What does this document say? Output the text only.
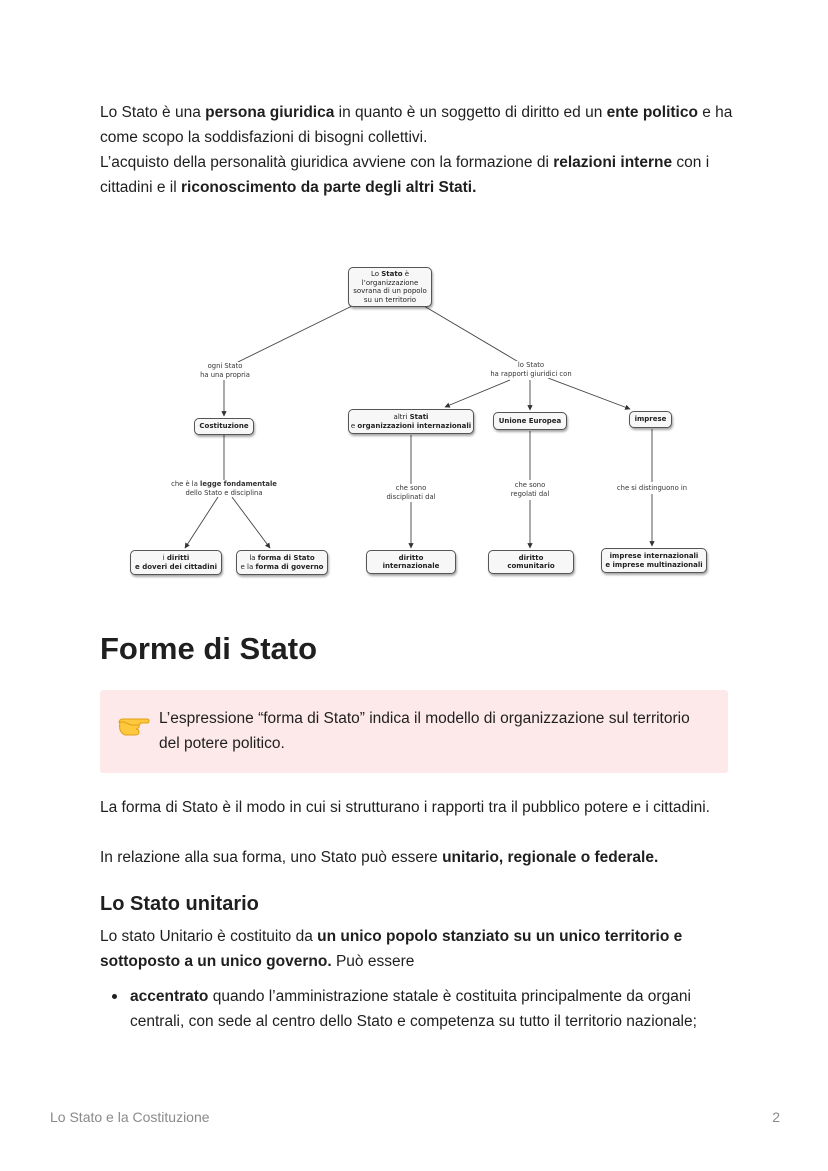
Lo Stato è una persona giuridica in quanto è un soggetto di diritto ed un ente politico e ha come scopo la soddisfazioni di bisogni collettivi.

L’acquisto della personalità giuridica avviene con la formazione di relazioni interne con i cittadini e il riconoscimento da parte degli altri Stati.

Lo Stato è
l’organizzazione
sovrana di un popolo
su un territorio
ogni Stato
ha una propria
lo Stato
ha rapporti giuridici con
Costituzione
altri Stati
e organizzazioni internazionali
Unione Europea	imprese
che è la legge fondamentale
dello Stato e disciplina
che sono
disciplinati dal
che sono
regolati dal
che si distinguono in
i diritti
e doveri dei cittadini
la forma di Stato
e la forma di governo
diritto
internazionale
diritto
comunitario
imprese internazionali
e imprese multinazionali
Forme di Stato
L’espressione “forma di Stato” indica il modello di organizzazione sul territorio del potere politico.

La forma di Stato è il modo in cui si strutturano i rapporti tra il pubblico potere e i cittadini.

In relazione alla sua forma, uno Stato può essere unitario, regionale o federale.

Lo Stato unitario

Lo stato Unitario è costituito da un unico popolo stanziato su un unico territorio e sottoposto a un unico governo. Può essere

accentrato quando l’amministrazione statale è costituita principalmente da organi centrali, con sede al centro dello Stato e competenza su tutto il territorio nazionale;
Lo Stato e la Costituzione	2
